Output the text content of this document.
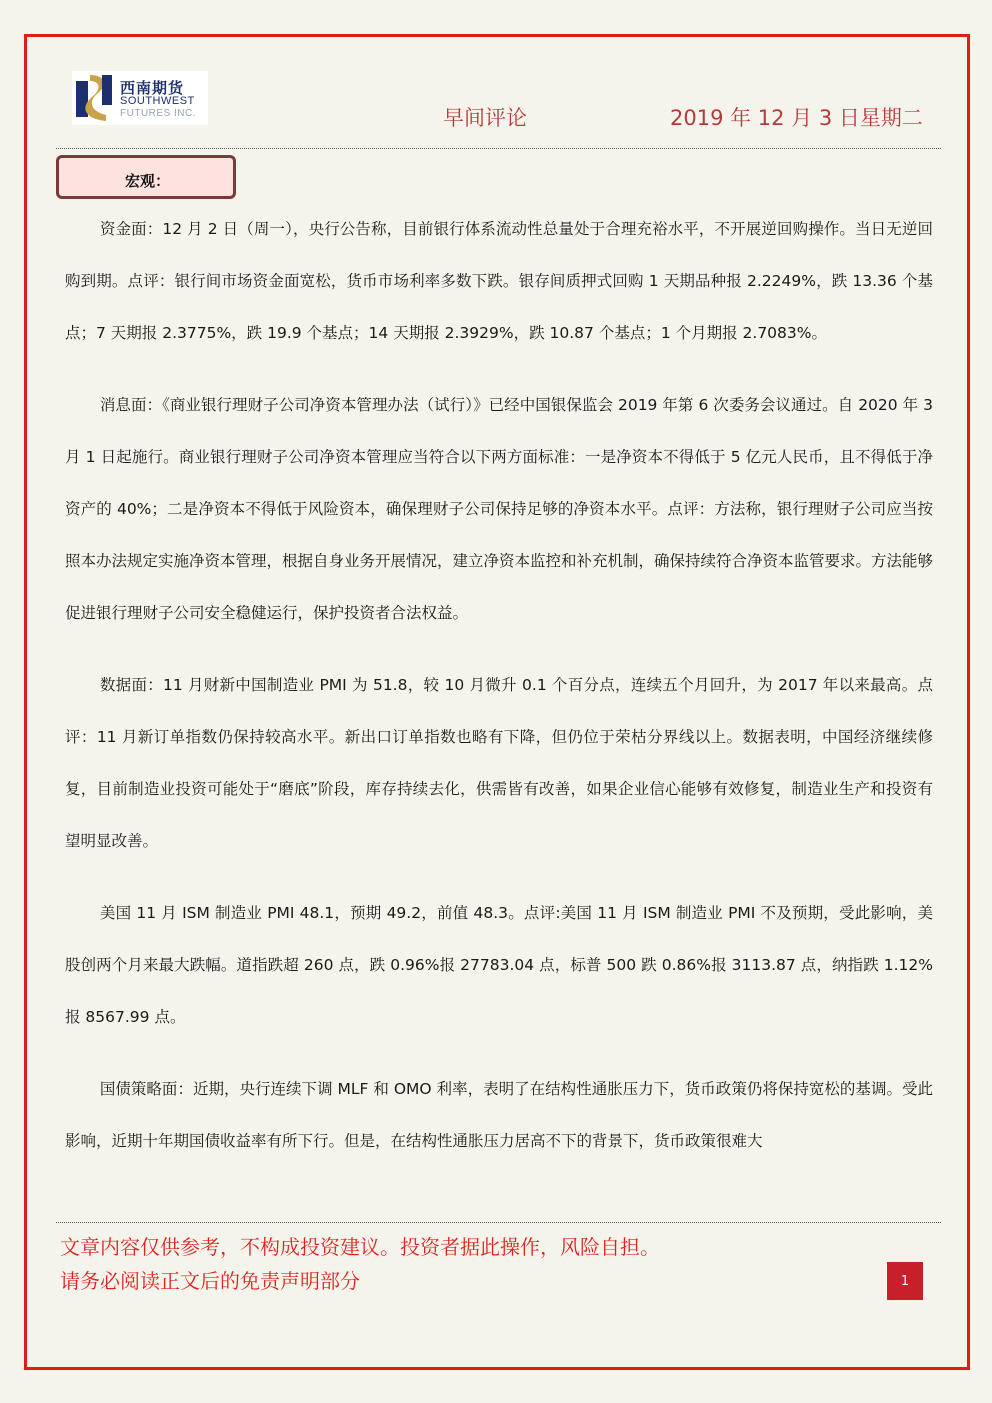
西南期货
SOUTHWEST
FUTURES INC.	早间评论	2019 年 12 月 3 日星期二
宏观：

资金面：12 月 2 日（周一），央行公告称，目前银行体系流动性总量处于合理充裕水平，不开展逆回购操作。当日无逆回购到期。点评：银行间市场资金面宽松，货币市场利率多数下跌。银存间质押式回购 1 天期品种报 2.2249%，跌 13.36 个基点；7 天期报 2.3775%，跌 19.9 个基点；14 天期报 2.3929%，跌 10.87 个基点；1 个月期报 2.7083%。

消息面：《商业银行理财子公司净资本管理办法（试行）》已经中国银保监会 2019 年第 6 次委务会议通过。自 2020 年 3 月 1 日起施行。商业银行理财子公司净资本管理应当符合以下两方面标准：一是净资本不得低于 5 亿元人民币，且不得低于净资产的 40%；二是净资本不得低于风险资本，确保理财子公司保持足够的净资本水平。点评：方法称，银行理财子公司应当按照本办法规定实施净资本管理，根据自身业务开展情况，建立净资本监控和补充机制，确保持续符合净资本监管要求。方法能够促进银行理财子公司安全稳健运行，保护投资者合法权益。

数据面：11 月财新中国制造业 PMI 为 51.8，较 10 月微升 0.1 个百分点，连续五个月回升，为 2017 年以来最高。点评：11 月新订单指数仍保持较高水平。新出口订单指数也略有下降，但仍位于荣枯分界线以上。数据表明，中国经济继续修复，目前制造业投资可能处于“磨底”阶段，库存持续去化，供需皆有改善，如果企业信心能够有效修复，制造业生产和投资有望明显改善。

美国 11 月 ISM 制造业 PMI 48.1，预期 49.2，前值 48.3。点评:美国 11 月 ISM 制造业 PMI 不及预期，受此影响，美股创两个月来最大跌幅。道指跌超 260 点，跌 0.96%报 27783.04 点，标普 500 跌 0.86%报 3113.87 点，纳指跌 1.12%报 8567.99 点。

国债策略面：近期，央行连续下调 MLF 和 OMO 利率，表明了在结构性通胀压力下，货币政策仍将保持宽松的基调。受此影响，近期十年期国债收益率有所下行。但是，在结构性通胀压力居高不下的背景下，货币政策很难大

文章内容仅供参考，不构成投资建议。投资者据此操作，风险自担。
请务必阅读正文后的免责声明部分	1
